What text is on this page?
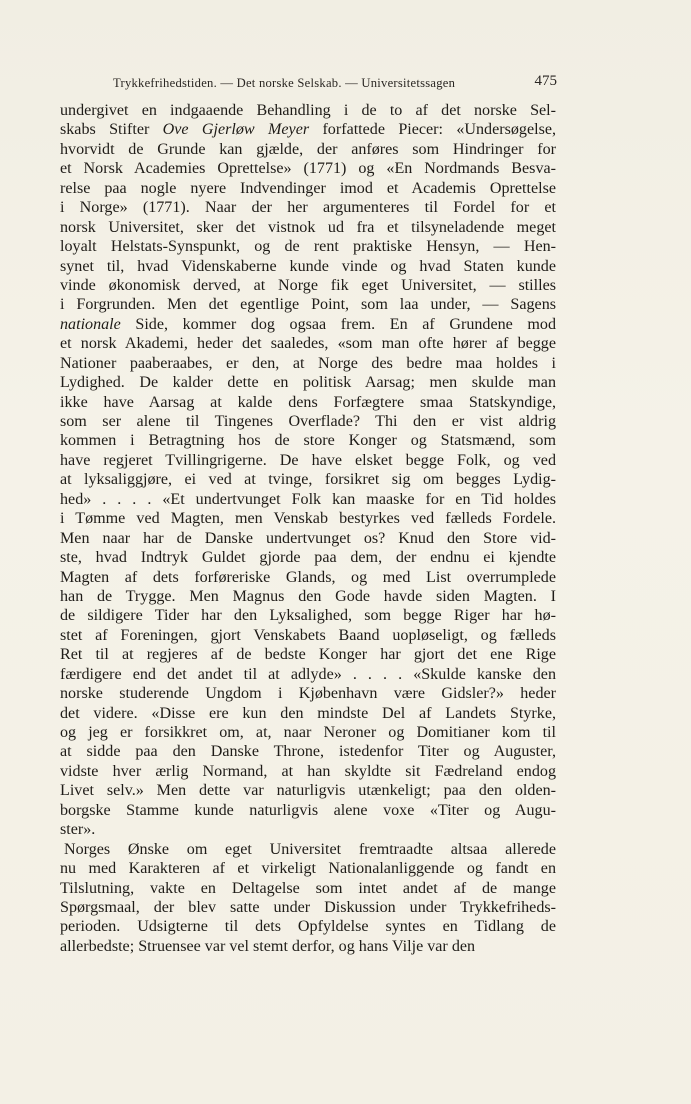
Trykkefrihedstiden. — Det norske Selskab. — Universitetssagen	475
undergivet en indgaaende Behandling i de to af det norske Sel-
skabs Stifter Ove Gjerløw Meyer forfattede Piecer: «Undersøgelse,
hvorvidt de Grunde kan gjælde, der anføres som Hindringer for
et Norsk Academies Oprettelse» (1771) og «En Nordmands Besva-
relse paa nogle nyere Indvendinger imod et Academis Oprettelse
i Norge» (1771). Naar der her argumenteres til Fordel for et
norsk Universitet, sker det vistnok ud fra et tilsyneladende meget
loyalt Helstats-Synspunkt, og de rent praktiske Hensyn, — Hen-
synet til, hvad Videnskaberne kunde vinde og hvad Staten kunde
vinde økonomisk derved, at Norge fik eget Universitet, — stilles
i Forgrunden. Men det egentlige Point, som laa under, — Sagens
nationale Side, kommer dog ogsaa frem. En af Grundene mod
et norsk Akademi, heder det saaledes, «som man ofte hører af begge
Nationer paaberaabes, er den, at Norge des bedre maa holdes i
Lydighed. De kalder dette en politisk Aarsag; men skulde man
ikke have Aarsag at kalde dens Forfægtere smaa Statskyndige,
som ser alene til Tingenes Overflade? Thi den er vist aldrig
kommen i Betragtning hos de store Konger og Statsmænd, som
have regjeret Tvillingrigerne. De have elsket begge Folk, og ved
at lyksaliggjøre, ei ved at tvinge, forsikret sig om begges Lydig-
hed» . . . . «Et undertvunget Folk kan maaske for en Tid holdes
i Tømme ved Magten, men Venskab bestyrkes ved fælleds Fordele.
Men naar har de Danske undertvunget os? Knud den Store vid-
ste, hvad Indtryk Guldet gjorde paa dem, der endnu ei kjendte
Magten af dets forføreriske Glands, og med List overrumplede
han de Trygge. Men Magnus den Gode havde siden Magten. I
de sildigere Tider har den Lyksalighed, som begge Riger har hø-
stet af Foreningen, gjort Venskabets Baand uopløseligt, og fælleds
Ret til at regjeres af de bedste Konger har gjort det ene Rige
færdigere end det andet til at adlyde» . . . . «Skulde kanske den
norske studerende Ungdom i Kjøbenhavn være Gidsler?» heder
det videre. «Disse ere kun den mindste Del af Landets Styrke,
og jeg er forsikkret om, at, naar Neroner og Domitianer kom til
at sidde paa den Danske Throne, istedenfor Titer og Auguster,
vidste hver ærlig Normand, at han skyldte sit Fædreland endog
Livet selv.» Men dette var naturligvis utænkeligt; paa den olden-
borgske Stamme kunde naturligvis alene voxe «Titer og Augu-
ster».
Norges Ønske om eget Universitet fremtraadte altsaa allerede
nu med Karakteren af et virkeligt Nationalanliggende og fandt en
Tilslutning, vakte en Deltagelse som intet andet af de mange
Spørgsmaal, der blev satte under Diskussion under Trykkefriheds-
perioden. Udsigterne til dets Opfyldelse syntes en Tidlang de
allerbedste; Struensee var vel stemt derfor, og hans Vilje var den
